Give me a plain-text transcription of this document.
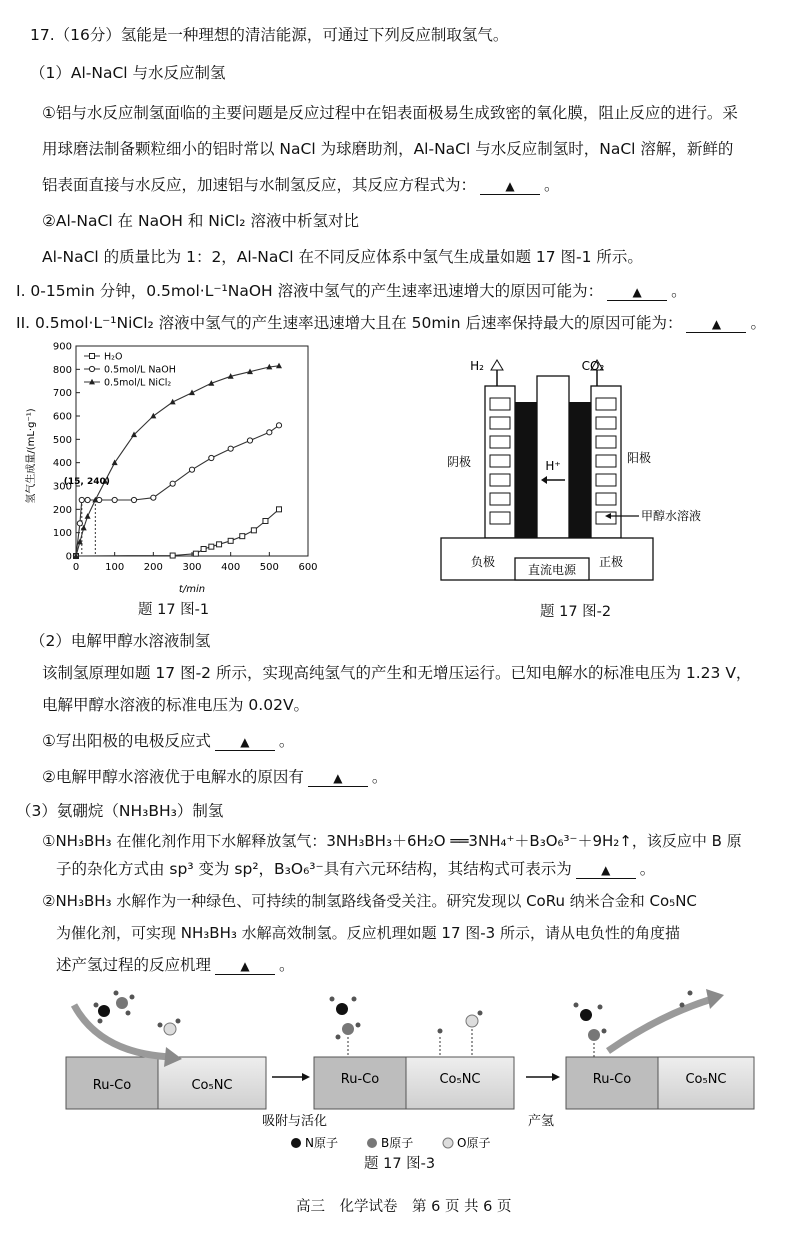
17.（16分）氢能是一种理想的清洁能源，可通过下列反应制取氢气。
（1）Al-NaCl 与水反应制氢
①铝与水反应制氢面临的主要问题是反应过程中在铝表面极易生成致密的氧化膜，阻止反应的进行。采
用球磨法制备颗粒细小的铝时常以 NaCl 为球磨助剂，Al-NaCl 与水反应制氢时，NaCl 溶解，新鲜的
铝表面直接与水反应，加速铝与水制氢反应，其反应方程式为： ▲ 。
②Al-NaCl 在 NaOH 和 NiCl₂ 溶液中析氢对比
Al-NaCl 的质量比为 1：2，Al-NaCl 在不同反应体系中氢气生成量如题 17 图-1 所示。
I. 0-15min 分钟，0.5mol·L⁻¹NaOH 溶液中氢气的产生速率迅速增大的原因可能为： ▲ 。
II. 0.5mol·L⁻¹NiCl₂ 溶液中氢气的产生速率迅速增大且在 50min 后速率保持最大的原因可能为： ▲ 。
0
100
200
300
400
500
600
700
800
900
0	100 200 300 400 500 600
H₂O
0.5mol/L NaOH
0.5mol/L NiCl₂
氢气生成量/(mL·g⁻¹)
t/min
(15, 240)
题 17 图-1
H₂	CO₂
H⁺
阴极	阳极
甲醇水溶液
负极
直流电源
正极
题 17 图-2
（2）电解甲醇水溶液制氢
该制氢原理如题 17 图-2 所示，实现高纯氢气的产生和无增压运行。已知电解水的标准电压为 1.23 V，
电解甲醇水溶液的标准电压为 0.02V。
①写出阳极的电极反应式 ▲ 。
②电解甲醇水溶液优于电解水的原因有 ▲ 。
（3）氨硼烷（NH₃BH₃）制氢
①NH₃BH₃ 在催化剂作用下水解释放氢气：3NH₃BH₃＋6H₂O ══3NH₄⁺＋B₃O₆³⁻＋9H₂↑，该反应中 B 原
子的杂化方式由 sp³ 变为 sp²，B₃O₆³⁻具有六元环结构，其结构式可表示为 ▲ 。
②NH₃BH₃ 水解作为一种绿色、可持续的制氢路线备受关注。研究发现以 CoRu 纳米合金和 Co₅NC
为催化剂，可实现 NH₃BH₃ 水解高效制氢。反应机理如题 17 图-3 所示，请从电负性的角度描
述产氢过程的反应机理 ▲ 。
Ru-Co	Co₅NC	Ru-Co	Co₅NC
吸附与活化	产氢
Ru-Co	Co₅NC
N原子	B原子	O原子
题 17 图-3
高三　化学试卷　第 6 页 共 6 页
